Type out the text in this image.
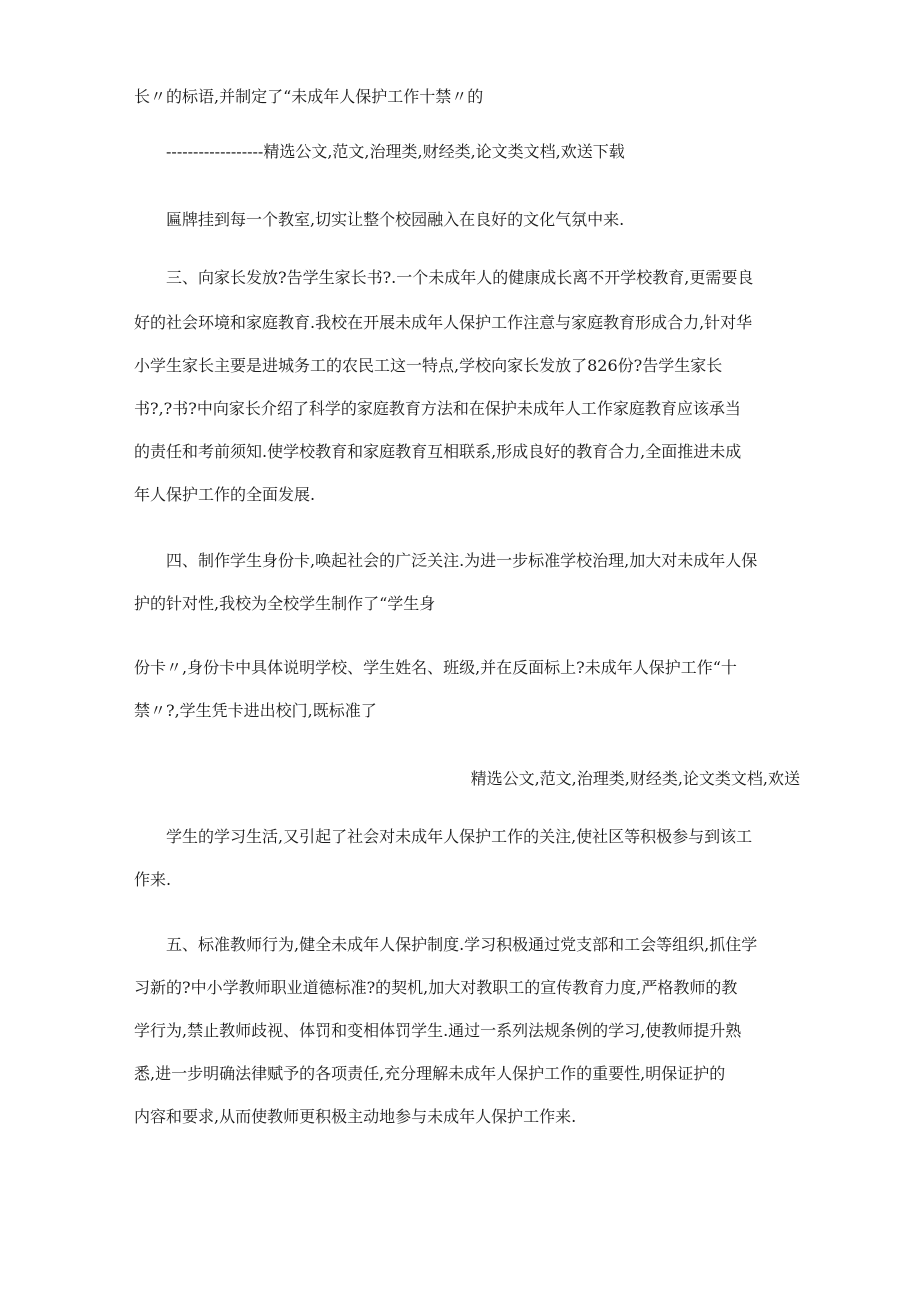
长〃的标语,并制定了“未成年人保护工作十禁〃的
------------------精选公文,范文,治理类,财经类,论文类文档,欢送下载
匾牌挂到每一个教室,切实让整个校园融入在良好的文化气氛中来.
三、向家长发放?告学生家长书?.一个未成年人的健康成长离不开学校教育,更需要良
好的社会环境和家庭教育.我校在开展未成年人保护工作注意与家庭教育形成合力,针对华
小学生家长主要是进城务工的农民工这一特点,学校向家长发放了826份?告学生家长
书?,?书?中向家长介绍了科学的家庭教育方法和在保护未成年人工作家庭教育应该承当
的责任和考前须知.使学校教育和家庭教育互相联系,形成良好的教育合力,全面推进未成
年人保护工作的全面发展.
四、制作学生身份卡,唤起社会的广泛关注.为进一步标准学校治理,加大对未成年人保
护的针对性,我校为全校学生制作了“学生身
份卡〃,身份卡中具体说明学校、学生姓名、班级,并在反面标上?未成年人保护工作“十
禁〃?,学生凭卡进出校门,既标准了
精选公文,范文,治理类,财经类,论文类文档,欢送
学生的学习生活,又引起了社会对未成年人保护工作的关注,使社区等积极参与到该工
作来.
五、标准教师行为,健全未成年人保护制度.学习积极通过党支部和工会等组织,抓住学
习新的?中小学教师职业道德标准?的契机,加大对教职工的宣传教育力度,严格教师的教
学行为,禁止教师歧视、体罚和变相体罚学生.通过一系列法规条例的学习,使教师提升熟
悉,进一步明确法律赋予的各项责任,充分理解未成年人保护工作的重要性,明保证护的
内容和要求,从而使教师更积极主动地参与未成年人保护工作来.
